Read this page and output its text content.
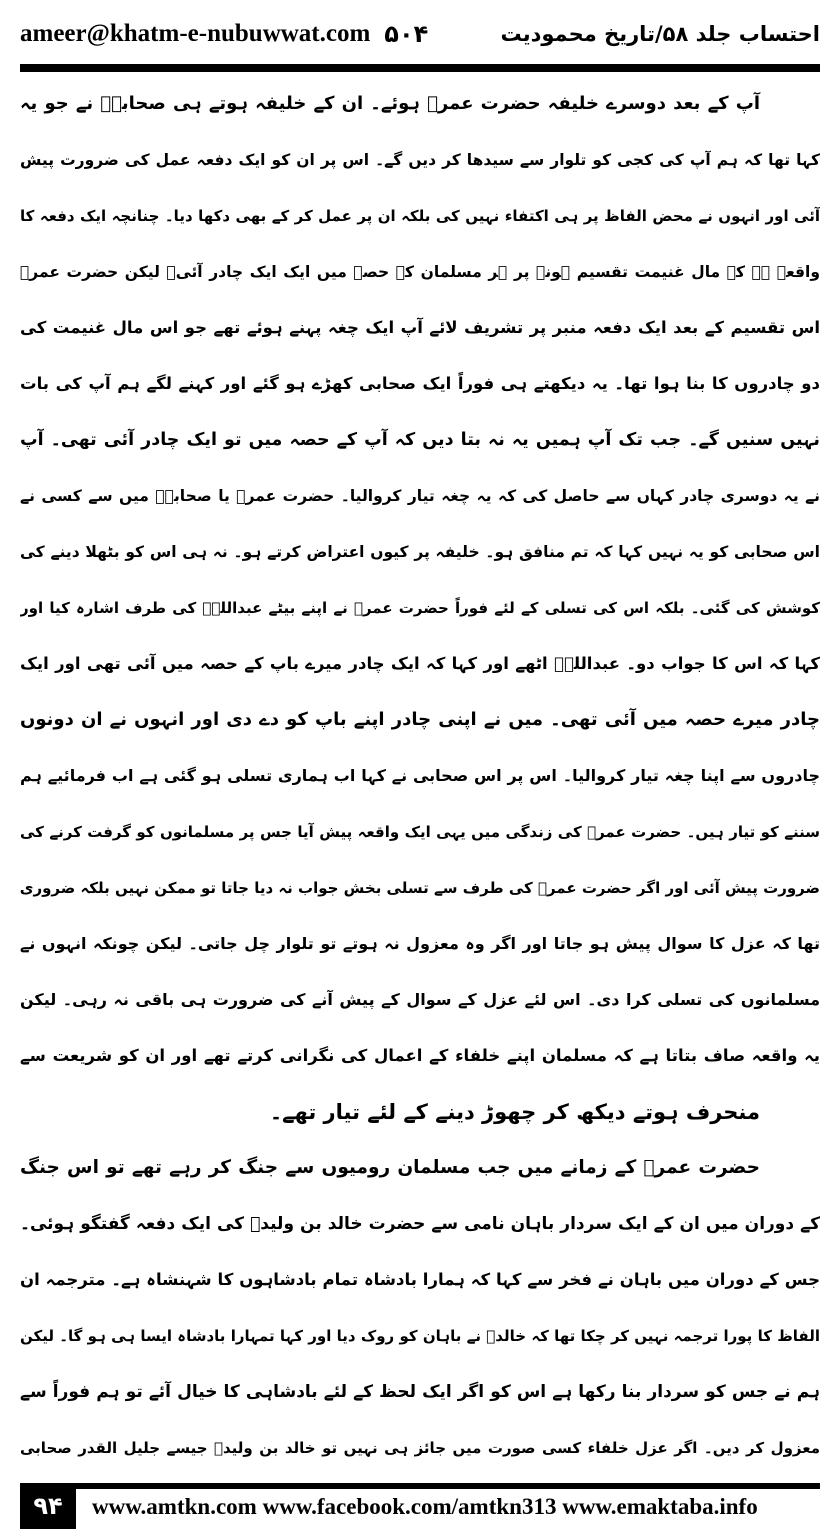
ameer@khatm-e-nubuwwat.com ۵۰۴	احتساب جلد ۵۸/تاریخ محمودیت
آپ کے بعد دوسرے خلیفہ حضرت عمرؓ ہوئے۔ ان کے خلیفہ ہوتے ہی صحابہؓ نے جو یہ
کہا تھا کہ ہم آپ کی کجی کو تلوار سے سیدھا کر دیں گے۔ اس پر ان کو ایک دفعہ عمل کی ضرورت پیش
آئی اور انہوں نے محض الفاظ پر ہی اکتفاء نہیں کی بلکہ ان پر عمل کر کے بھی دکھا دیا۔ چنانچہ ایک دفعہ کا
واقعہ ہے کہ مال غنیمت تقسیم ہونے پر ہر مسلمان کے حصے میں ایک ایک چادر آئی۔ لیکن حضرت عمرؓ
اس تقسیم کے بعد ایک دفعہ منبر پر تشریف لائے آپ ایک چغہ پہنے ہوئے تھے جو اس مال غنیمت کی
دو چادروں کا بنا ہوا تھا۔ یہ دیکھتے ہی فوراً ایک صحابی کھڑے ہو گئے اور کہنے لگے ہم آپ کی بات
نہیں سنیں گے۔ جب تک آپ ہمیں یہ نہ بتا دیں کہ آپ کے حصہ میں تو ایک چادر آئی تھی۔ آپ
نے یہ دوسری چادر کہاں سے حاصل کی کہ یہ چغہ تیار کروالیا۔ حضرت عمرؓ یا صحابہؓ میں سے کسی نے
اس صحابی کو یہ نہیں کہا کہ تم منافق ہو۔ خلیفہ پر کیوں اعتراض کرتے ہو۔ نہ ہی اس کو بٹھلا دینے کی
کوشش کی گئی۔ بلکہ اس کی تسلی کے لئے فوراً حضرت عمرؓ نے اپنے بیٹے عبداللہؓ کی طرف اشارہ کیا اور
کہا کہ اس کا جواب دو۔ عبداللہؓ اٹھے اور کہا کہ ایک چادر میرے باپ کے حصہ میں آئی تھی اور ایک
چادر میرے حصہ میں آئی تھی۔ میں نے اپنی چادر اپنے باپ کو دے دی اور انہوں نے ان دونوں
چادروں سے اپنا چغہ تیار کروالیا۔ اس پر اس صحابی نے کہا اب ہماری تسلی ہو گئی ہے اب فرمائیے ہم
سننے کو تیار ہیں۔ حضرت عمرؓ کی زندگی میں یہی ایک واقعہ پیش آیا جس پر مسلمانوں کو گرفت کرنے کی
ضرورت پیش آئی اور اگر حضرت عمرؓ کی طرف سے تسلی بخش جواب نہ دیا جاتا تو ممکن نہیں بلکہ ضروری
تھا کہ عزل کا سوال پیش ہو جاتا اور اگر وہ معزول نہ ہوتے تو تلوار چل جاتی۔ لیکن چونکہ انہوں نے
مسلمانوں کی تسلی کرا دی۔ اس لئے عزل کے سوال کے پیش آنے کی ضرورت ہی باقی نہ رہی۔ لیکن
یہ واقعہ صاف بتاتا ہے کہ مسلمان اپنے خلفاء کے اعمال کی نگرانی کرتے تھے اور ان کو شریعت سے
منحرف ہوتے دیکھ کر چھوڑ دینے کے لئے تیار تھے۔
حضرت عمرؓ کے زمانے میں جب مسلمان رومیوں سے جنگ کر رہے تھے تو اس جنگ
کے دوران میں ان کے ایک سردار باہان نامی سے حضرت خالد بن ولیدؓ کی ایک دفعہ گفتگو ہوئی۔
جس کے دوران میں باہان نے فخر سے کہا کہ ہمارا بادشاہ تمام بادشاہوں کا شہنشاہ ہے۔ مترجمہ ان
الفاظ کا پورا ترجمہ نہیں کر چکا تھا کہ خالدؓ نے باہان کو روک دیا اور کہا تمہارا بادشاہ ایسا ہی ہو گا۔ لیکن
ہم نے جس کو سردار بنا رکھا ہے اس کو اگر ایک لحظ کے لئے بادشاہی کا خیال آئے تو ہم فوراً سے
معزول کر دیں۔ اگر عزل خلفاء کسی صورت میں جائز ہی نہیں تو خالد بن ولیدؓ جیسے جلیل القدر صحابی
۹۴	www.amtkn.com www.facebook.com/amtkn313 www.emaktaba.info
